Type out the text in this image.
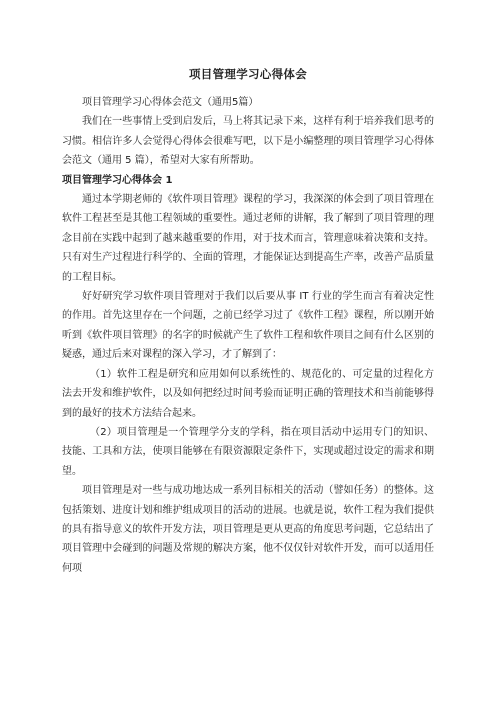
项目管理学习心得体会

项目管理学习心得体会范文（通用5篇）

我们在一些事情上受到启发后，马上将其记录下来，这样有利于培养我们思考的习惯。相信许多人会觉得心得体会很难写吧，以下是小编整理的项目管理学习心得体会范文（通用 5 篇），希望对大家有所帮助。

项目管理学习心得体会 1

通过本学期老师的《软件项目管理》课程的学习，我深深的体会到了项目管理在软件工程甚至是其他工程领域的重要性。通过老师的讲解，我了解到了项目管理的理念目前在实践中起到了越来越重要的作用，对于技术而言，管理意味着决策和支持。只有对生产过程进行科学的、全面的管理，才能保证达到提高生产率，改善产品质量的工程目标。

好好研究学习软件项目管理对于我们以后要从事 IT 行业的学生而言有着决定性的作用。首先这里存在一个问题，之前已经学习过了《软件工程》课程，所以刚开始听到《软件项目管理》的名字的时候就产生了软件工程和软件项目之间有什么区别的疑惑，通过后来对课程的深入学习，才了解到了：

（1）软件工程是研究和应用如何以系统性的、规范化的、可定量的过程化方法去开发和维护软件，以及如何把经过时间考验而证明正确的管理技术和当前能够得到的最好的技术方法结合起来。

（2）项目管理是一个管理学分支的学科，指在项目活动中运用专门的知识、技能、工具和方法，使项目能够在有限资源限定条件下，实现或超过设定的需求和期望。

项目管理是对一些与成功地达成一系列目标相关的活动（譬如任务）的整体。这包括策划、进度计划和维护组成项目的活动的进展。也就是说，软件工程为我们提供的具有指导意义的软件开发方法，项目管理是更从更高的角度思考问题，它总结出了项目管理中会碰到的问题及常规的解决方案，他不仅仅针对软件开发，而可以适用任何项
